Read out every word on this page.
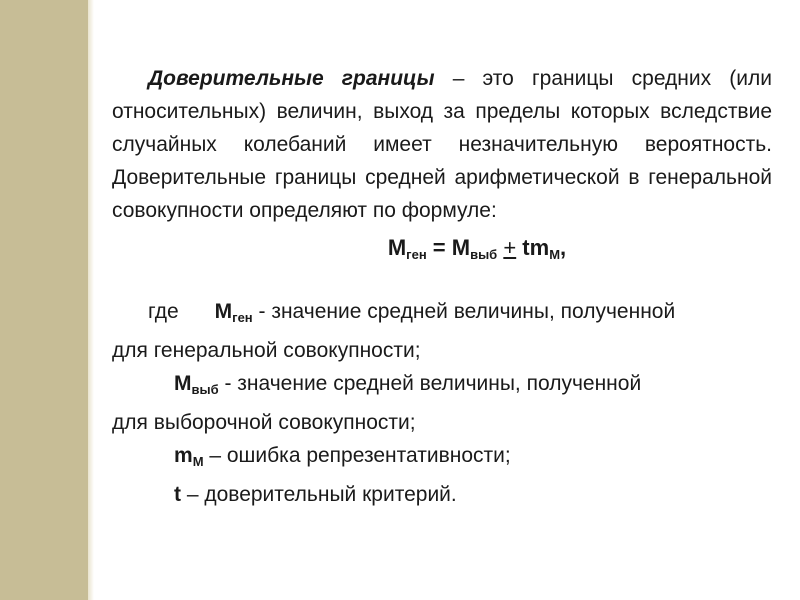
Доверительные границы – это границы средних (или относительных) величин, выход за пределы которых вследствие случайных колебаний имеет незначительную вероятность. Доверительные границы средней арифметической в генеральной совокупности определяют по формуле:

$M_{ген} = M_{выб} + tm_M$,

где $M_{ген}$ - значение средней величины, полученной
для генеральной совокупности;

$M_{выб}$ - значение средней величины, полученной
для выборочной совокупности;

$m_M$ – ошибка репрезентативности;

t – доверительный критерий.
